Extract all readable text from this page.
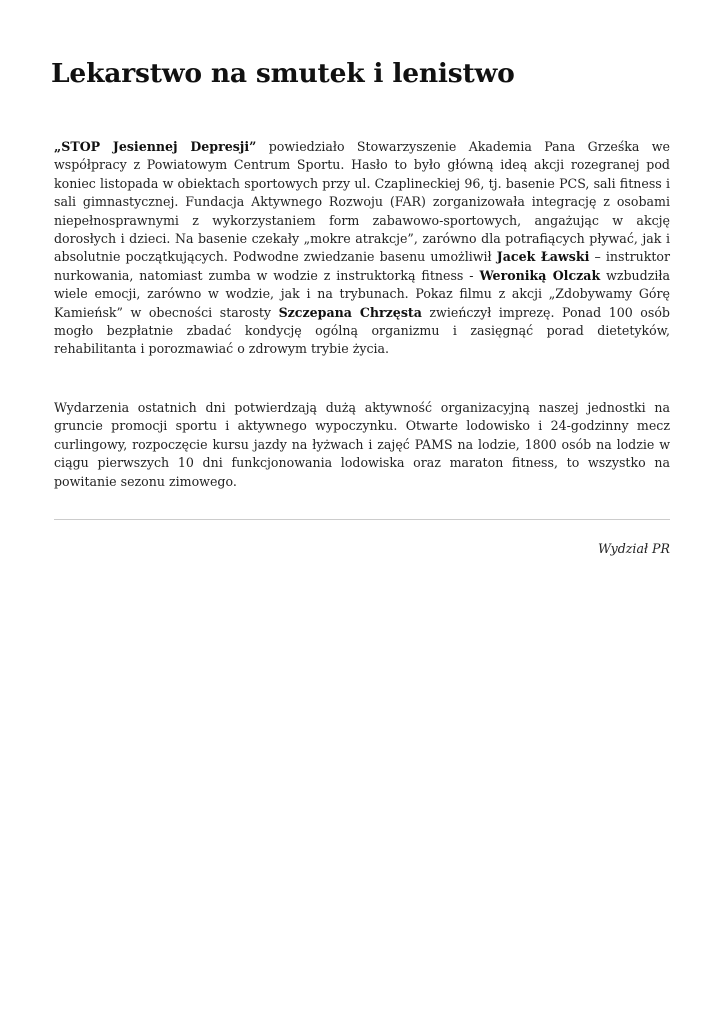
Lekarstwo na smutek i lenistwo

„STOP Jesiennej Depresji” powiedziało Stowarzyszenie Akademia Pana Grześka we współpracy z Powiatowym Centrum Sportu. Hasło to było główną ideą akcji rozegranej pod koniec listopada w obiektach sportowych przy ul. Czaplineckiej 96, tj. basenie PCS, sali fitness i sali gimnastycznej. Fundacja Aktywnego Rozwoju (FAR) zorganizowała integrację z osobami niepełnosprawnymi z wykorzystaniem form zabawowo-sportowych, angażując w akcję dorosłych i dzieci. Na basenie czekały „mokre atrakcje”, zarówno dla potrafiących pływać, jak i absolutnie początkujących. Podwodne zwiedzanie basenu umożliwił Jacek Ławski – instruktor nurkowania, natomiast zumba w wodzie z instruktorką fitness - Weroniką Olczak wzbudziła wiele emocji, zarówno w wodzie, jak i na trybunach. Pokaz filmu z akcji „Zdobywamy Górę Kamieńsk” w obecności starosty Szczepana Chrzęsta zwieńczył imprezę. Ponad 100 osób mogło bezpłatnie zbadać kondycję ogólną organizmu i zasięgnąć porad dietetyków, rehabilitanta i porozmawiać o zdrowym trybie życia.

Wydarzenia ostatnich dni potwierdzają dużą aktywność organizacyjną naszej jednostki na gruncie promocji sportu i aktywnego wypoczynku. Otwarte lodowisko i 24-godzinny mecz curlingowy, rozpoczęcie kursu jazdy na łyżwach i zajęć PAMS na lodzie, 1800 osób na lodzie w ciągu pierwszych 10 dni funkcjonowania lodowiska oraz maraton fitness, to wszystko na powitanie sezonu zimowego.

Wydział PR
